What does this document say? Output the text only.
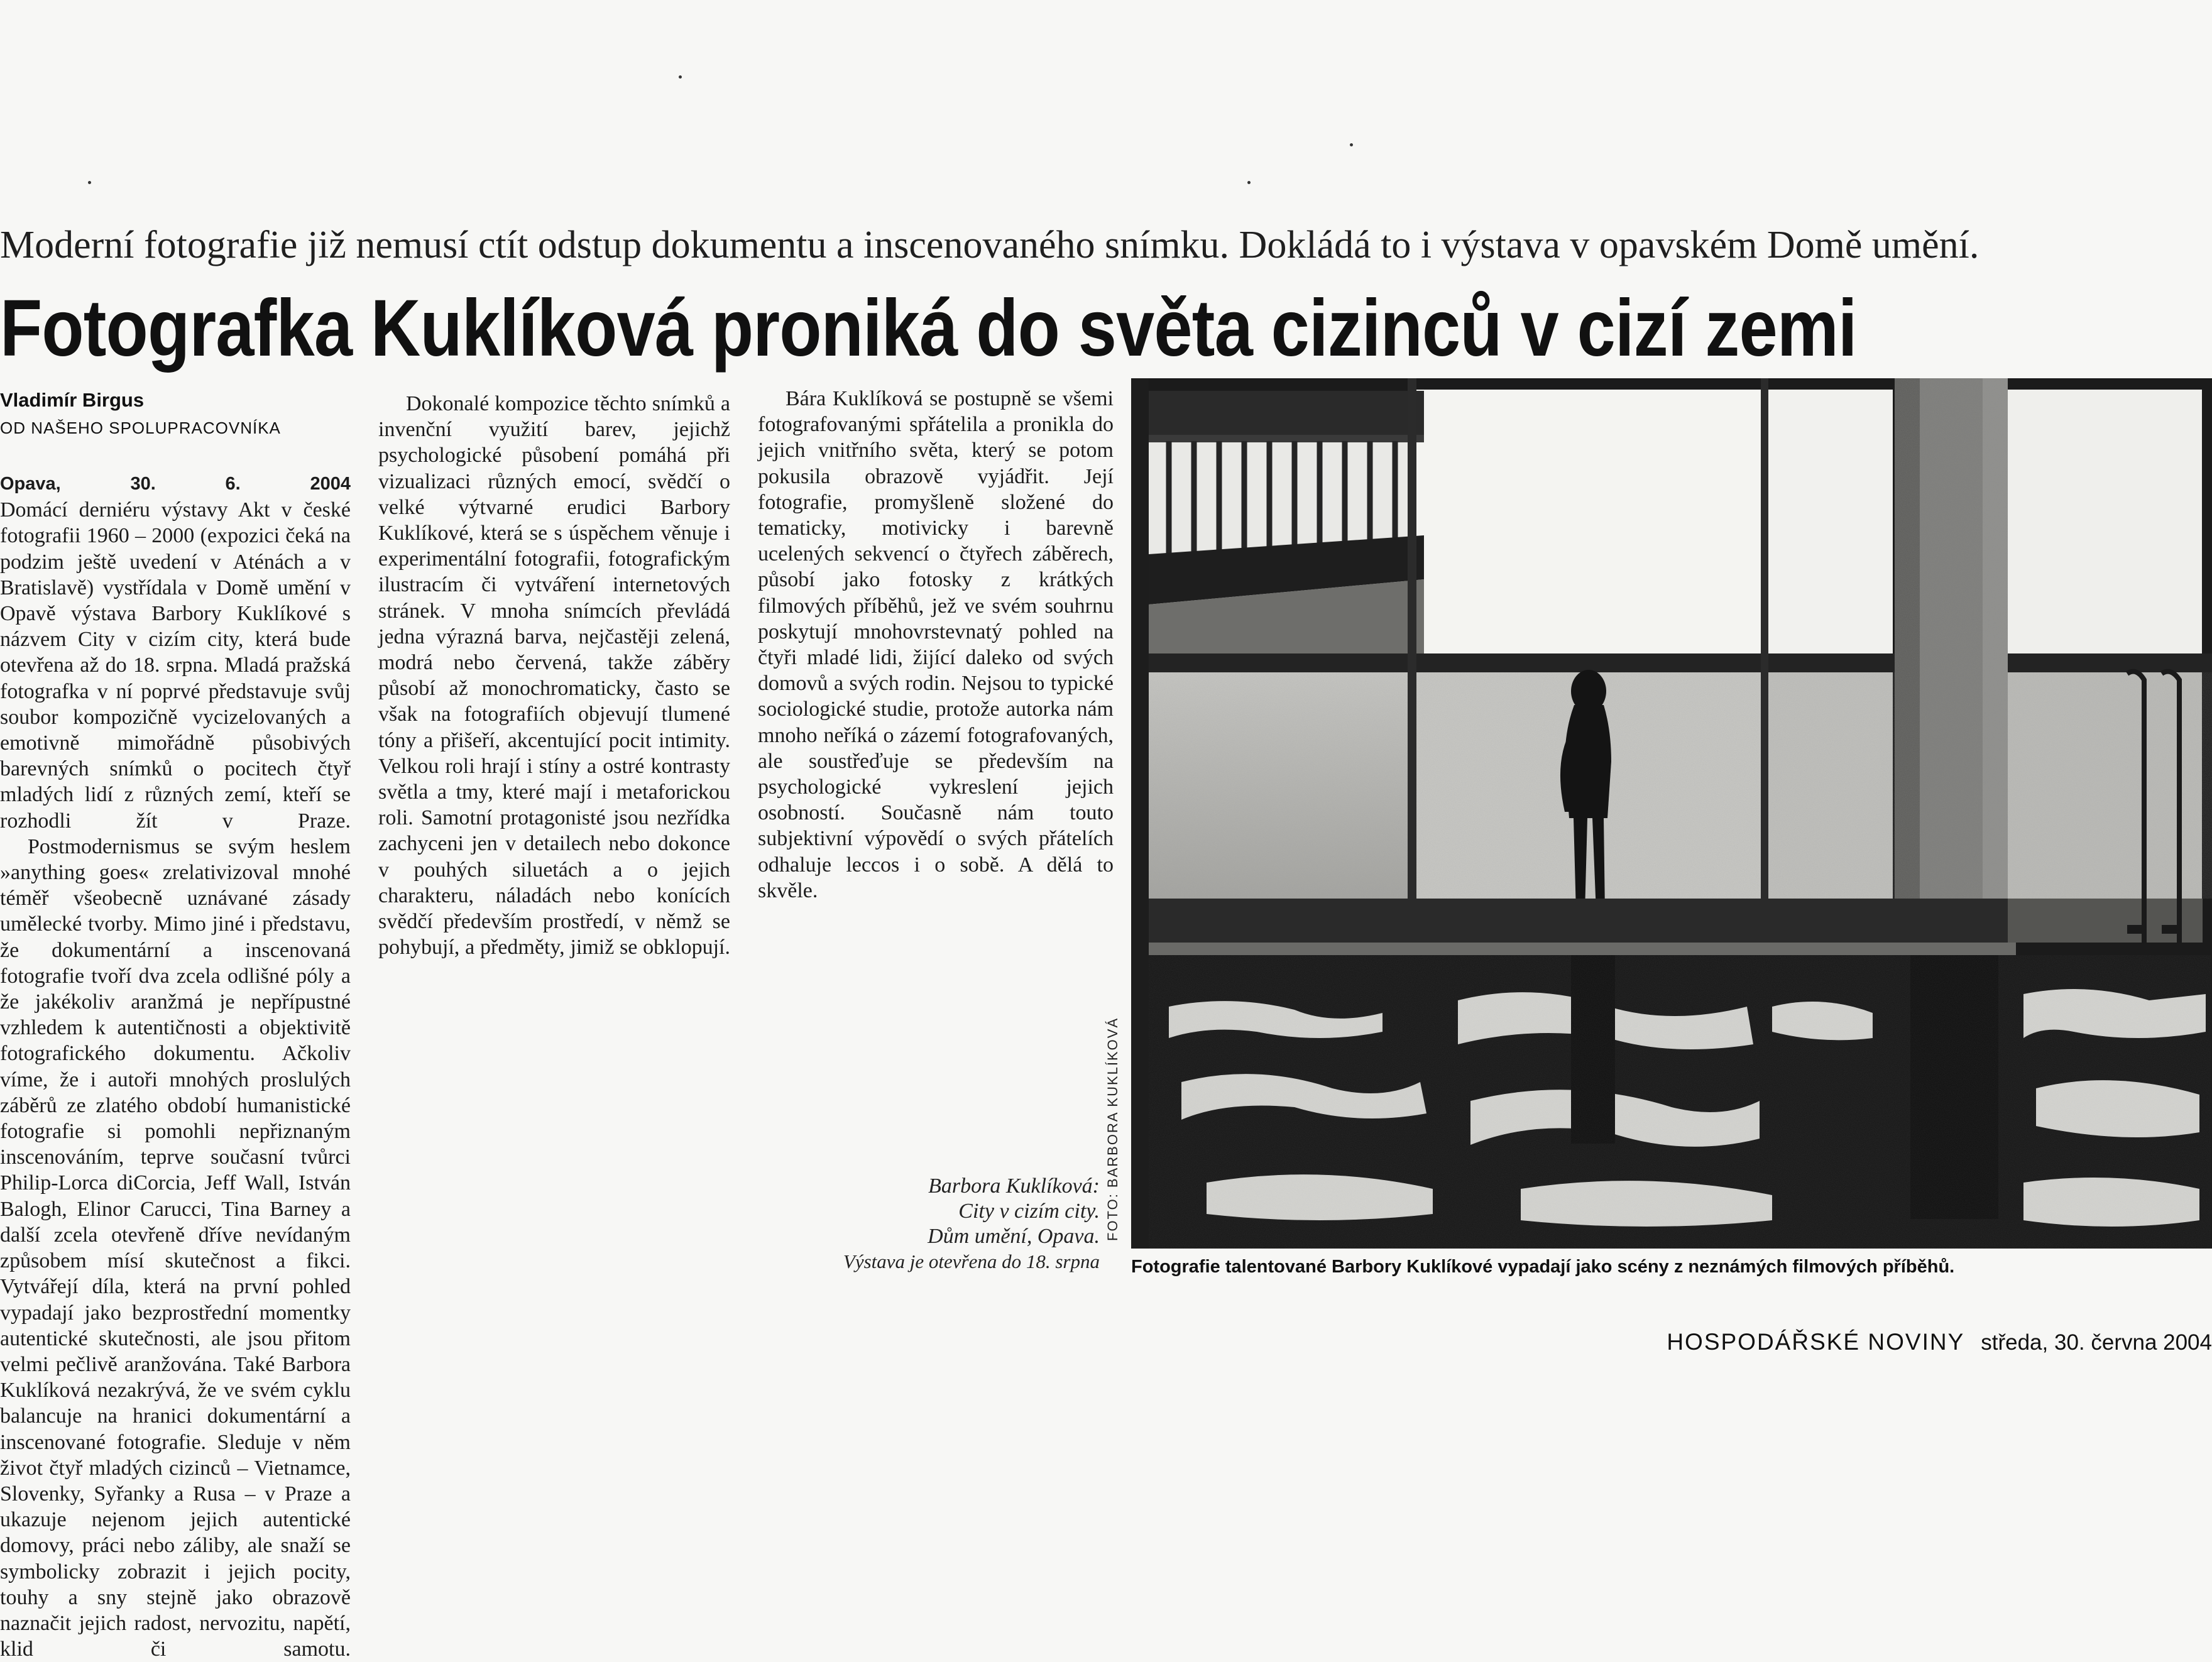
Moderní fotografie již nemusí ctít odstup dokumentu a inscenovaného snímku. Dokládá to i výstava v opavském Domě umění.
Fotografka Kuklíková proniká do světa cizinců v cizí zemi
Vladimír Birgus
OD NAŠEHO SPOLUPRACOVNÍKA

Opava, 30. 6. 2004

Domácí derniéru výstavy Akt v české fotografii 1960 – 2000 (expozici čeká na podzim ještě uvedení v Aténách a v Bratislavě) vystřídala v Domě umění v Opavě výstava Barbory Kuklíkové s názvem City v cizím city, která bude otevřena až do 18. srpna. Mladá pražská fotografka v ní poprvé představuje svůj soubor kompozičně vycizelovaných a emotivně mimořádně působivých barevných snímků o pocitech čtyř mladých lidí z různých zemí, kteří se rozhodli žít v Praze.

Postmodernismus se svým heslem »anything goes« zrelativizoval mnohé téměř všeobecně uznávané zásady umělecké tvorby. Mimo jiné i představu, že dokumentární a inscenovaná fotografie tvoří dva zcela odlišné póly a že jakékoliv aranžmá je nepřípustné vzhledem k autentičnosti a objektivitě fotografického dokumentu. Ačkoliv víme, že i autoři mnohých proslulých záběrů ze zlatého období humanistické fotografie si pomohli nepřiznaným inscenováním, teprve současní tvůrci Philip-Lorca diCorcia, Jeff Wall, István Balogh, Elinor Carucci, Tina Barney a další zcela otevřeně dříve nevídaným způsobem mísí skutečnost a fikci. Vytvářejí díla, která na první pohled vypadají jako bezprostřední momentky autentické skutečnosti, ale jsou přitom velmi pečlivě aranžována. Také Barbora Kuklíková nezakrývá, že ve svém cyklu balancuje na hranici dokumentární a inscenované fotografie. Sleduje v něm život čtyř mladých cizinců – Vietnamce, Slovenky, Syřanky a Rusa – v Praze a ukazuje nejenom jejich autentické domovy, práci nebo záliby, ale snaží se symbolicky zobrazit i jejich pocity, touhy a sny stejně jako obrazově naznačit jejich radost, nervozitu, napětí, klid či samotu.

Dokonalé kompozice těchto snímků a invenční využití barev, jejichž psychologické působení pomáhá při vizualizaci různých emocí, svědčí o velké výtvarné erudici Barbory Kuklíkové, která se s úspěchem věnuje i experimentální fotografii, fotografickým ilustracím či vytváření internetových stránek. V mnoha snímcích převládá jedna výrazná barva, nejčastěji zelená, modrá nebo červená, takže záběry působí až monochromaticky, často se však na fotografiích objevují tlumené tóny a přišeří, akcentující pocit intimity. Velkou roli hrají i stíny a ostré kontrasty světla a tmy, které mají i metaforickou roli. Samotní protagonisté jsou nezřídka zachyceni jen v detailech nebo dokonce v pouhých siluetách a o jejich charakteru, náladách nebo konících svědčí především prostředí, v němž se pohybují, a předměty, jimiž se obklopují.

Bára Kuklíková se postupně se všemi fotografovanými spřátelila a pronikla do jejich vnitřního světa, který se potom pokusila obrazově vyjádřit. Její fotografie, promyšleně složené do tematicky, motivicky i barevně ucelených sekvencí o čtyřech záběrech, působí jako fotosky z krátkých filmových příběhů, jež ve svém souhrnu poskytují mnohovrstevnatý pohled na čtyři mladé lidi, žijící daleko od svých domovů a svých rodin. Nejsou to typické sociologické studie, protože autorka nám mnoho neříká o zázemí fotografovaných, ale soustřeďuje se především na psychologické vykreslení jejich osobností. Současně nám touto subjektivní výpovědí o svých přátelích odhaluje leccos i o sobě. A dělá to skvěle.

Barbora Kuklíková:
City v cizím city.
Dům umění, Opava.
Výstava je otevřena do 18. srpna
FOTO: BARBORA KUKLÍKOVÁ
Fotografie talentované Barbory Kuklíkové vypadají jako scény z neznámých filmových příběhů.
HOSPODÁŘSKÉ NOVINY středa, 30. června 2004
